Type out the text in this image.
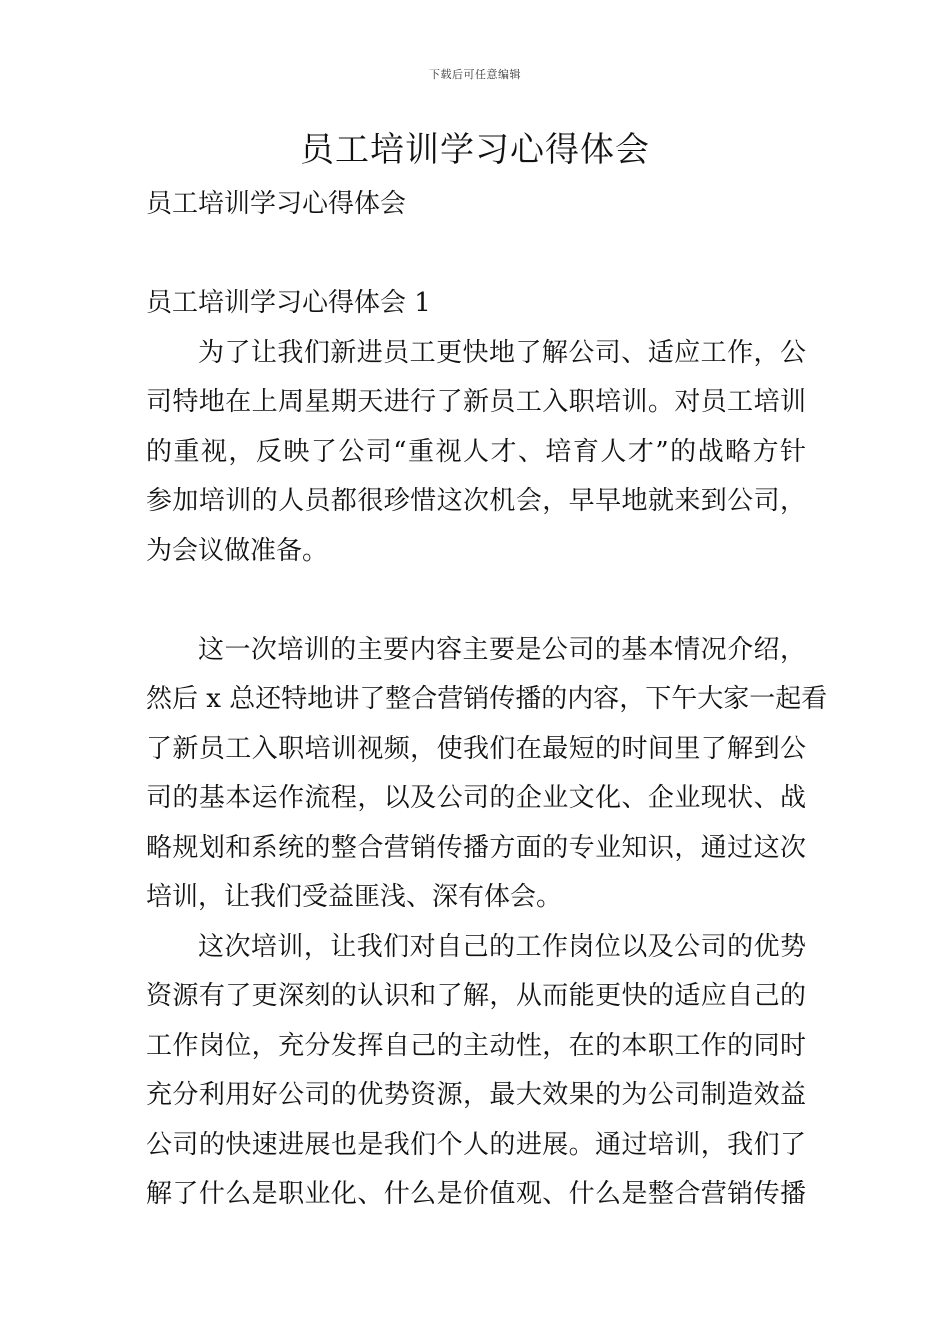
下载后可任意编辑
员工培训学习心得体会
员工培训学习心得体会
员工培训学习心得体会 1
为了让我们新进员工更快地了解公司、适应工作，公
司特地在上周星期天进行了新员工入职培训。对员工培训
的重视，反映了公司“重视人才、培育人才”的战略方针
参加培训的人员都很珍惜这次机会，早早地就来到公司，
为会议做准备。
这一次培训的主要内容主要是公司的基本情况介绍，
然后 x 总还特地讲了整合营销传播的内容，下午大家一起看
了新员工入职培训视频，使我们在最短的时间里了解到公
司的基本运作流程，以及公司的企业文化、企业现状、战
略规划和系统的整合营销传播方面的专业知识，通过这次
培训，让我们受益匪浅、深有体会。
这次培训，让我们对自己的工作岗位以及公司的优势
资源有了更深刻的认识和了解，从而能更快的适应自己的
工作岗位，充分发挥自己的主动性，在的本职工作的同时
充分利用好公司的优势资源，最大效果的为公司制造效益
公司的快速进展也是我们个人的进展。通过培训，我们了
解了什么是职业化、什么是价值观、什么是整合营销传播
